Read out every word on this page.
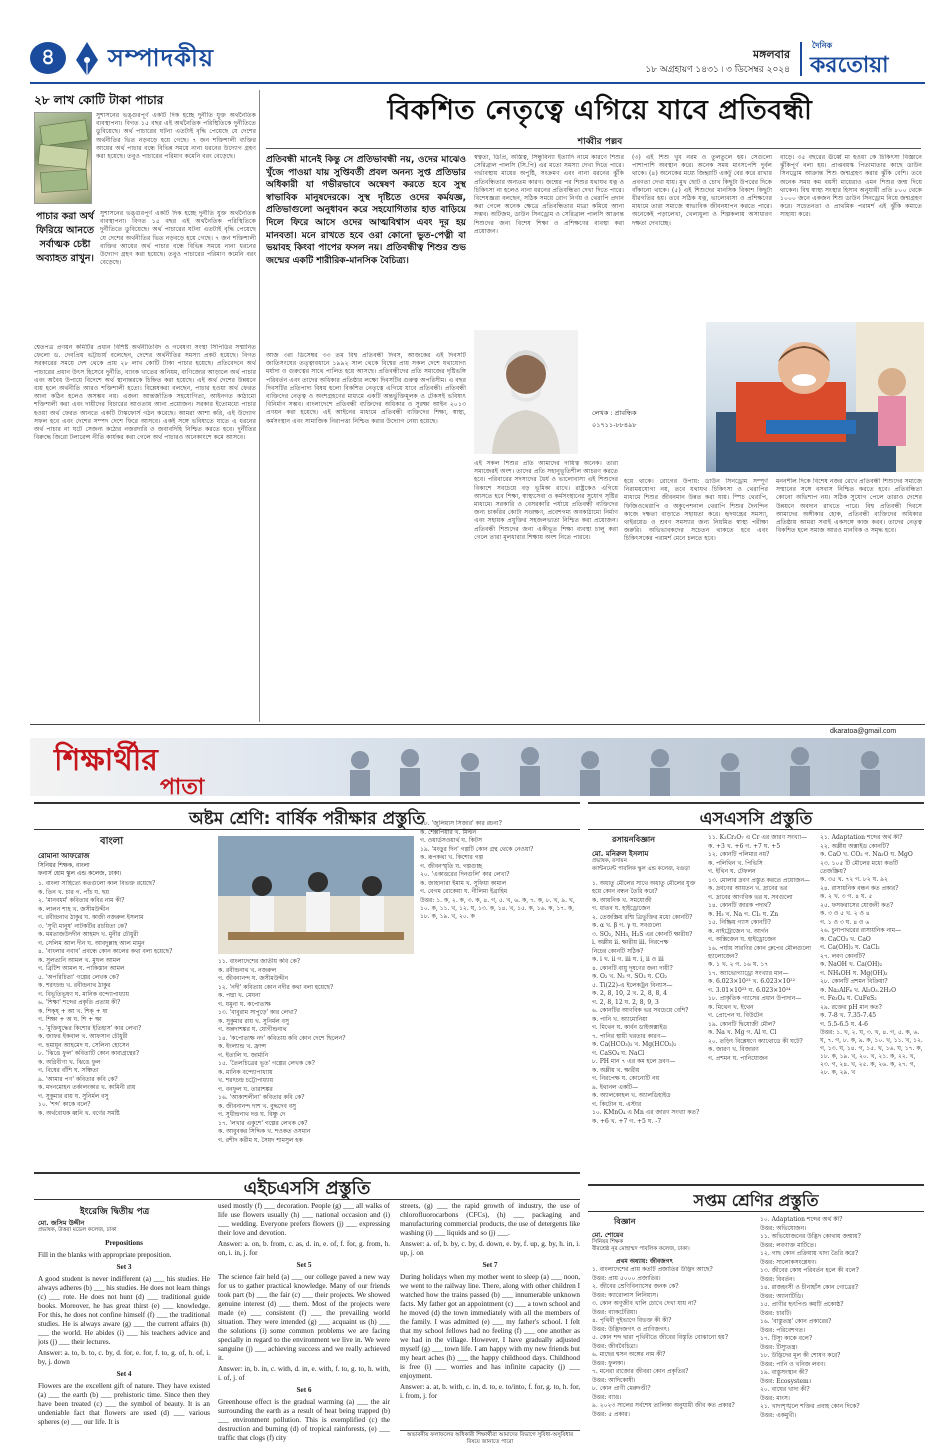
৪	সম্পাদকীয়	মঙ্গলবার
১৮ অগ্রহায়ণ ১৪৩১ ৷ ৩ ডিসেম্বর ২০২৪
দৈনিক
করতোয়া
২৮ লাখ কোটি টাকা পাচার
সুশাসনের ভঙ্গুরপূর্ণ একটি দিক হচ্ছে দুর্নীতি যুক্ত অর্থনৈতিক ব্যবস্থাপনা। বিগত ১৫ বছর এই অর্থনৈতিক পরিস্থিতিকে দুর্নীতিতে ডুবিয়েছে। অর্থ পাচারের ঘটনা এতটাই বৃদ্ধি পেয়েছে যে দেশের অর্থনীতির ভিত নড়বড়ে হয়ে গেছে। ৭ জন শক্তিশালী ব্যক্তির আয়ের অর্থ পাচার বন্ধে বিভিন্ন সময়ে নানা ধরনের উদ্যোগ গ্রহণ করা হয়েছে। তবুও পাচারের পরিমাণ কমেনি বরং বেড়েছে।
পাচার করা অর্থ ফিরিয়ে আনতে সর্বাত্মক চেষ্টা অব্যাহত রাখুন।
সুশাসনের ভঙ্গুরপূর্ণ একটি দিক হচ্ছে দুর্নীতি যুক্ত অর্থনৈতিক ব্যবস্থাপনা। বিগত ১৫ বছর এই অর্থনৈতিক পরিস্থিতিকে দুর্নীতিতে ডুবিয়েছে। অর্থ পাচারের ঘটনা এতটাই বৃদ্ধি পেয়েছে যে দেশের অর্থনীতির ভিত নড়বড়ে হয়ে গেছে। ৭ জন শক্তিশালী ব্যক্তির আয়ের অর্থ পাচার বন্ধে বিভিন্ন সময়ে নানা ধরনের উদ্যোগ গ্রহণ করা হয়েছে। তবুও পাচারের পরিমাণ কমেনি বরং বেড়েছে।
শ্বেতপত্র প্রণয়ন কমিটির প্রধান বিশিষ্ট অর্থনীতিবিদ ও গবেষণা সংস্থা সিপিডির সম্মানিত ফেলো ড. দেবপ্রিয় ভট্টাচার্য বলেছেন, দেশের অর্থনীতির সমস্যা প্রকট হয়েছে। বিগত সরকারের সময়ে দেশ থেকে প্রায় ২৮ লাখ কোটি টাকা পাচার হয়েছে। প্রতিবেদনে অর্থ পাচারের প্রধান উৎস হিসেবে দুর্নীতি, ব্যাংক খাতের অনিয়ম, বাণিজ্যের আড়ালে অর্থ পাচার এবং অবৈধ উপায়ে বিদেশে অর্থ স্থানান্তরকে চিহ্নিত করা হয়েছে। এই অর্থ দেশের উন্নয়নে ব্যয় হলে অর্থনীতি আরও শক্তিশালী হতো। বিশ্লেষকরা বলছেন, পাচার হওয়া অর্থ ফেরত আনা কঠিন হলেও অসম্ভব নয়। এজন্য আন্তর্জাতিক সহযোগিতা, আইনগত কাঠামো শক্তিশালী করা এবং দায়ীদের বিচারের আওতায় আনা প্রয়োজন। সরকার ইতোমধ্যে পাচার হওয়া অর্থ ফেরত আনতে একটি টাস্কফোর্স গঠন করেছে। আমরা আশা করি, এই উদ্যোগ সফল হবে এবং দেশের সম্পদ দেশে ফিরে আসবে। একই সঙ্গে ভবিষ্যতে যাতে এ ধরনের অর্থ পাচার না ঘটে সেজন্য কঠোর নজরদারি ও জবাবদিহি নিশ্চিত করতে হবে। দুর্নীতির বিরুদ্ধে জিরো টলারেন্স নীতি কার্যকর করা গেলে অর্থ পাচারও অনেকাংশে কমে আসবে।
বিকশিত নেতৃত্বে এগিয়ে যাবে প্রতিবন্ধী
শাব্বীর পল্লব
প্রতিবন্ধী মানেই কিন্তু সে প্রতিভাবন্ধী নয়, ওদের মাঝেও খুঁজে পাওয়া যায় সুপ্তিবর্তী প্রবল অনন্য সুপ্ত প্রতিভার অধিকারী যা গভীরভাবে অন্বেষণ করতে হবে সুস্থ স্বাভাবিক মানুষদেরকে। সুস্থ দৃষ্টিতে ওদের কর্মযজ্ঞ, প্রতিভাগুলো অনুধাবন করে সহযোগিতার হাত বাড়িয়ে দিলে ফিরে আসে ওদের আত্মবিশ্বাস এবং দূর হয় মানবতা। মনে রাখতে হবে ওরা কোনো ভুত-পেত্নী বা ভয়াবহ কিংবা পাপের ফসল নয়। প্রতিবন্ধীত্ব শিশুর শুভ জন্মের একটি শারীরিক-মানসিক বৈচিত্র্য।
আজ ৩রা ডিসেম্বর ৩৩ তম বিশ্ব প্রতিবন্ধী দিবস, আজকের এই দিবসটি জাতিসংঘের তত্ত্বাবধানে ১৯৯২ সাল থেকে বিশ্বের প্রায় সকল দেশে যথাযোগ্য মর্যাদা ও গুরুত্বের সাথে পালিত হয়ে আসছে। প্রতিবন্ধীদের প্রতি সমাজের দৃষ্টিভঙ্গি পরিবর্তন এবং তাদের অধিকার প্রতিষ্ঠার লক্ষ্যে দিবসটির গুরুত্ব অপরিসীম। এ বছর দিবসটির প্রতিপাদ্য বিষয় হলো বিকশিত নেতৃত্বে এগিয়ে যাবে প্রতিবন্ধী। প্রতিবন্ধী ব্যক্তিদের নেতৃত্ব ও অংশগ্রহণের মাধ্যমে একটি অন্তর্ভুক্তিমূলক ও টেকসই ভবিষ্যৎ বিনির্মাণ সম্ভব। বাংলাদেশে প্রতিবন্ধী ব্যক্তিদের অধিকার ও সুরক্ষা আইন ২০১৩ প্রণয়ন করা হয়েছে। এই আইনের মাধ্যমে প্রতিবন্ধী ব্যক্তিদের শিক্ষা, স্বাস্থ্য, কর্মসংস্থান এবং সামাজিক নিরাপত্তা নিশ্চিত করার উদ্যোগ নেয়া হয়েছে।
স্বত্বতা, ডিপ্রি, অস্তিত্ব, সিন্ধুবিন্যা ইত্যাদি নামে কারণে শিশুর সেরিব্রাল পালসি (সি.পি) এর মতো সমস্যা দেখা দিতে পারে। গর্ভাবস্থায় মায়ের অপুষ্টি, সংক্রমণ এবং নানা ধরনের ঝুঁকি প্রতিবন্ধিতার অন্যতম কারণ। জন্মের পর শিশুর যথাযথ যত্ন ও চিকিৎসা না হলেও নানা ধরনের প্রতিবন্ধিতা দেখা দিতে পারে। বিশেষজ্ঞরা বলছেন, সঠিক সময়ে রোগ নির্ণয় ও থেরাপি প্রদান করা গেলে অনেক ক্ষেত্রে প্রতিবন্ধিতার মাত্রা কমিয়ে আনা সম্ভব। অটিজম, ডাউন সিনড্রোম ও সেরিব্রাল পালসি আক্রান্ত শিশুদের জন্য বিশেষ শিক্ষা ও প্রশিক্ষণের ব্যবস্থা করা প্রয়োজন।
(৩) এই শিশু খুব নরম ও তুলতুলে হয়। সেগুলো পাশাপাশি অবস্থান করে। অনেক সময় মাংসপেশি দুর্বল থাকে। (৪) অনেকের মধ্যে জিহ্বাটি একটু বের করে রাখার প্রবণতা দেখা যায়। মুখ ছোট ও চোখ কিছুটা উপরের দিকে বাঁকানো থাকে। (৫) এই শিশুদের মানসিক বিকাশ কিছুটা ধীরগতির হয়। তবে সঠিক যত্ন, ভালোবাসা ও প্রশিক্ষণের মাধ্যমে তারা সমাজে স্বাভাবিক জীবনযাপন করতে পারে। অনেকেই পড়ালেখা, খেলাধুলা ও শিল্পকলায় অসাধারণ দক্ষতা দেখাচ্ছে।
বাড়ে। ৩৫ বছরের ঊর্ধ্বে মা হওয়া কে চিকিৎসা বিজ্ঞানে ঝুঁকিপূর্ণ বলা হয়। প্রাপ্তবয়স্ক পিতামাতার কাছে ডাউন সিনড্রোম আক্রান্ত শিশু জন্মগ্রহণ করার ঝুঁকি বেশি। তবে অনেক সময় কম বয়সী মায়েরাও এমন শিশুর জন্ম দিয়ে থাকেন। বিশ্ব স্বাস্থ্য সংস্থার হিসাব অনুযায়ী প্রতি ৮০০ থেকে ১০০০ জনে একজন শিশু ডাউন সিনড্রোম নিয়ে জন্মগ্রহণ করে। সচেতনতা ও প্রাথমিক পরামর্শ এই ঝুঁকি কমাতে সাহায্য করে।
লেখক : প্রাবন্ধিক
০১৭১১-৮৮৪৯৮
এই সকল শিশুর প্রতি আমাদের দায়িত্ব অনেক। তারা সমাজেরই অংশ। তাদের প্রতি সহানুভূতিশীল আচরণ করতে হবে। পরিবারের সদস্যদের ধৈর্য ও ভালোবাসা এই শিশুদের বিকাশে সবচেয়ে বড় ভূমিকা রাখে। রাষ্ট্রকেও এগিয়ে আসতে হবে শিক্ষা, স্বাস্থ্যসেবা ও কর্মসংস্থানের সুযোগ সৃষ্টির মাধ্যমে। সরকারি ও বেসরকারি পর্যায়ে প্রতিবন্ধী ব্যক্তিদের জন্য চাকরির কোটা সংরক্ষণ, প্রবেশগম্য অবকাঠামো নির্মাণ এবং সহায়ক প্রযুক্তির সহজলভ্যতা নিশ্চিত করা প্রয়োজন। প্রতিবন্ধী শিশুদের জন্য একীভূত শিক্ষা ব্যবস্থা চালু করা গেলে তারা মূলধারার শিক্ষায় অংশ নিতে পারবে।
হয়ে থাকে। রোগের উপায়: ডাউন সিনড্রোম সম্পূর্ণ নিরাময়যোগ্য নয়, তবে যথাযথ চিকিৎসা ও থেরাপির মাধ্যমে শিশুর জীবনমান উন্নত করা যায়। স্পিচ থেরাপি, ফিজিওথেরাপি ও অকুপেশনাল থেরাপি শিশুর দৈনন্দিন কাজে দক্ষতা বাড়াতে সহায়তা করে। হৃদযন্ত্রের সমস্যা, থাইরয়েড ও শ্রবণ সমস্যার জন্য নিয়মিত স্বাস্থ্য পরীক্ষা জরুরি। অভিভাবকদের সচেতন থাকতে হবে এবং চিকিৎসকের পরামর্শ মেনে চলতে হবে।
মননশীল দিকে বিশেষ নজর রেখে প্রতিবন্ধী শিশুদের সমাজে সম্মানের সঙ্গে বসবাস নিশ্চিত করতে হবে। প্রতিবন্ধিতা কোনো অভিশাপ নয়। সঠিক সুযোগ পেলে তারাও দেশের উন্নয়নে অবদান রাখতে পারে। বিশ্ব প্রতিবন্ধী দিবসে আমাদের অঙ্গীকার হোক, প্রতিবন্ধী ব্যক্তিদের অধিকার প্রতিষ্ঠায় আমরা সবাই একসঙ্গে কাজ করব। তাদের নেতৃত্ব বিকশিত হলে সমাজ আরও মানবিক ও সমৃদ্ধ হবে।
dkaratoa@gmail.com
শিক্ষার্থীর
পাতা
অষ্টম শ্রেণি: বার্ষিক পরীক্ষার প্রস্তুতি
বাংলা
রোমানা আফরোজ
সিনিয়র শিক্ষক, বাংলা
ফনার্স হোম স্কুল এন্ড কলেজ, ঢাকা।
১. বাংলা সাহিত্যে কতগুলো কাল বিভক্ত রয়েছে?
ক. তিন খ. চার গ. পাঁচ ঘ. ছয়
২. 'মানবধর্ম' কবিতার কবির নাম কী?
ক. লালন শাহ খ. জসীমউদ্দীন
গ. রবীন্দ্রনাথ ঠাকুর ঘ. কাজী নজরুল ইসলাম
৩. 'সুখী মানুষ' নাটকটির রচয়িতা কে?
ক. মমতাজউদদীন আহমদ খ. মুনীর চৌধুরী
গ. সেলিম আল দীন ঘ. আবদুল্লাহ আল মামুন
৪. 'বাংলার নবাব' প্রবন্ধে কোন কালের কথা বলা হয়েছে?
ক. সুলতানি আমল খ. মুঘল আমল
গ. ব্রিটিশ আমল ঘ. পাকিস্তান আমল
৫. 'অপরিচিতা' গল্পের লেখক কে?
ক. শরৎচন্দ্র খ. রবীন্দ্রনাথ ঠাকুর
গ. বিভূতিভূষণ ঘ. মানিক বন্দ্যোপাধ্যায়
৬. 'শিক্ষা' শব্দের প্রকৃতি প্রত্যয় কী?
ক. শিক্ষ্ + আ খ. শিক্ + ষা
গ. শিক্ষা + অ ঘ. শি + ক্ষা
৭. 'মুক্তিযুদ্ধের কিশোর ইতিহাস' কার লেখা?
ক. জাফর ইকবাল খ. আফসান চৌধুরী
গ. হুমায়ূন আহমেদ ঘ. সেলিনা হোসেন
৮. 'ঝিঙে ফুল' কবিতাটি কোন কাব্যগ্রন্থের?
ক. অগ্নিবীণা খ. ঝিঙে ফুল
গ. বিষের বাঁশি ঘ. সঞ্চিতা
৯. 'আমার পণ' কবিতার কবি কে?
ক. মদনমোহন তর্কালংকার খ. কামিনী রায়
গ. সুকুমার রায় ঘ. সুনির্মল বসু
১০. 'শব্দ' কাকে বলে?
ক. অর্থবোধক ধ্বনি খ. বর্ণের সমষ্টি
১১. বাংলাদেশের জাতীয় কবি কে?
ক. রবীন্দ্রনাথ খ. নজরুল
গ. জীবনানন্দ ঘ. জসীমউদ্দীন
১২. 'নদী' কবিতায় কোন নদীর কথা বলা হয়েছে?
ক. পদ্মা খ. মেঘনা
গ. যমুনা ঘ. কপোতাক্ষ
১৩. 'বাবুরাম সাপুড়ে' কার লেখা?
ক. সুকুমার রায় খ. সুনির্মল বসু
গ. অন্নদাশঙ্কর ঘ. যোগীন্দ্রনাথ
১৪. 'কপোতাক্ষ নদ' কবিতায় কবি কোন দেশে ছিলেন?
ক. ইংল্যান্ড খ. ফ্রান্স
গ. ইতালি ঘ. জার্মানি
১৫. 'তৈলচিত্রের ভূত' গল্পের লেখক কে?
ক. মানিক বন্দ্যোপাধ্যায়
খ. শরৎচন্দ্র চট্টোপাধ্যায়
গ. বনফুল ঘ. তারাশঙ্কর
১৬. 'আকাশলীনা' কবিতার কবি কে?
ক. জীবনানন্দ দাশ খ. বুদ্ধদেব বসু
গ. সুধীন্দ্রনাথ দত্ত ঘ. বিষ্ণু দে
১৭. 'লখার একুশে' গল্পের লেখক কে?
ক. আবুবকর সিদ্দিক খ. শওকত ওসমান
গ. রশীদ করীম ঘ. সৈয়দ শামসুল হক
১৮. 'জুলিয়াস সিজার' কার রচনা?
ক. শেক্সপিয়ার খ. মিল্টন
গ. ওয়ার্ডসওয়ার্থ ঘ. কিটস
১৯. 'মংড়ুর দিন' গল্পটি কোন গ্রন্থ থেকে নেওয়া?
ক. রূপকথা খ. কিশোর গল্প
গ. জীবনস্মৃতি ঘ. গল্পগুচ্ছ
২০. 'একাত্তরের দিনগুলি' কার লেখা?
ক. জাহানারা ইমাম খ. সুফিয়া কামাল
গ. বেগম রোকেয়া ঘ. নীলিমা ইব্রাহিম
উত্তর: ১. ক, ২. ক, ৩. ক, ৪. গ, ৫. খ, ৬. ক, ৭. ক, ৮. খ, ৯. খ, ১০. ক, ১১. খ, ১২. ঘ, ১৩. ক, ১৪. খ, ১৫. ক, ১৬. ক, ১৭. ক, ১৮. ক, ১৯. খ, ২০. ক
এসএসসি প্রস্তুতি
রসায়নবিজ্ঞান
মো. মনিরুল ইসলাম
প্রভাষক, রসায়ন
ক্যান্টনমেন্ট পাবলিক স্কুল এন্ড কলেজ, বগুড়া
১. অধাতু মৌলের সাথে অধাতু মৌলের যুক্ত হয়ে কোন বন্ধন তৈরি করে?
ক. আয়নিক খ. সমযোজী
গ. ধাতব ঘ. হাইড্রোজেন
২. তেজস্ক্রিয় রশ্মি ত্রিভুক্তির মধ্যে কোনটি?
ক. α খ. β গ. γ ঘ. সবগুলো
৩. SO₂, NH₃, H₂S এর কোনটি ক্ষারীয়?
i. অম্লীয় ii. ক্ষারীয় iii. নিরপেক্ষ
নিচের কোনটি সঠিক?
ক. i খ. ii গ. iii ঘ. i, ii ও iii
৪. কোনটি বায়ু দূষণের জন্য দায়ী?
ক. O₂ খ. N₂ গ. SO₂ ঘ. CO₂
৫. Ti(22)-এ ইলেকট্রন বিন্যাস—
ক. 2, 8, 10, 2 খ. 2, 8, 8, 4
গ. 2, 8, 12 ঘ. 2, 8, 9, 3
৬. কোনটির আণবিক ভর সবচেয়ে বেশি?
ক. পানি খ. অ্যামোনিয়া
গ. মিথেন ঘ. কার্বন ডাইঅক্সাইড
৭. পানির স্থায়ী খরতার কারণ—
ক. Ca(HCO₃)₂ খ. Mg(HCO₃)₂
গ. CaSO₄ ঘ. NaCl
৮. PH মান ৭ এর কম হলে দ্রবণ—
ক. অম্লীয় খ. ক্ষারীয়
গ. নিরপেক্ষ ঘ. কোনোটি নয়
৯. ইথানল একটি—
ক. অ্যালকোহল খ. অ্যালডিহাইড
গ. কিটোন ঘ. এস্টার
১০. KMnO₄ এ Mn এর জারণ সংখ্যা কত?
ক. +6 খ. +7 গ. +5 ঘ. -7
১১. K₂Cr₂O₇ এ Cr এর জারণ সংখ্যা—
ক. +3 খ. +6 গ. +7 ঘ. +5
১২. কোনটি পলিমার নয়?
ক. পলিথিন খ. পিভিসি
গ. ইথিন ঘ. টেফলন
১৩. মোলার দ্রবণ প্রস্তুত করতে প্রয়োজন—
ক. দ্রবণের আয়তন খ. দ্রাবের ভর
গ. দ্রাবের আণবিক ভর ঘ. সবগুলো
১৪. কোনটি জারক পদার্থ?
ক. H₂ খ. Na গ. Cl₂ ঘ. Zn
১৫. নিষ্ক্রিয় গ্যাস কোনটি?
ক. নাইট্রোজেন খ. আর্গন
গ. অক্সিজেন ঘ. হাইড্রোজেন
১৬. পর্যায় সারণির কোন গ্রুপের মৌলগুলো হ্যালোজেন?
ক. ১ খ. ২ গ. ১৬ ঘ. ১৭
১৭. অ্যাভোগ্যাড্রো সংখ্যার মান—
ক. 6.023×10²³ খ. 6.023×10²²
গ. 3.01×10²³ ঘ. 6.023×10²⁴
১৮. প্রাকৃতিক গ্যাসের প্রধান উপাদান—
ক. মিথেন খ. ইথেন
গ. প্রোপেন ঘ. বিউটেন
১৯. কোনটি দ্বিযোজী মৌল?
ক. Na খ. Mg গ. Al ঘ. Cl
২০. তড়িৎ বিশ্লেষণে ক্যাথোডে কী ঘটে?
ক. জারণ খ. বিজারণ
গ. প্রশমন ঘ. পানিযোজন
২১. Adaptation শব্দের অর্থ কী?
২২. অম্লীয় অক্সাইড কোনটি?
ক. CaO খ. CO₂ গ. Na₂O ঘ. MgO
২৩. ১০৫ টি মৌলের মধ্যে কতটি তেজস্ক্রিয়?
ক. ৩৫ খ. ৭২ গ. ৮২ ঘ. ৯২
২৪. রাসায়নিক বন্ধন কত প্রকার?
ক. ২ খ. ৩ গ. ৪ ঘ. ৫
২৫. ফসফরাসের যোজনী কত?
ক. ৩ ও ৫ খ. ২ ও ৪
গ. ১ ও ৩ ঘ. ৪ ও ৬
২৬. চুনাপাথরের রাসায়নিক নাম—
ক. CaCO₃ খ. CaO
গ. Ca(OH)₂ ঘ. CaCl₂
২৭. লবণ কোনটি?
ক. NaOH খ. Ca(OH)₂
গ. NH₄OH ঘ. Mg(OH)₂
২৮. কোনটি প্রশমন বিক্রিয়া?
ক. Na₂AlF₆ খ. Al₂O₃.2H₂O
গ. Fe₃O₄ ঘ. CuFeS₂
২৯. রক্তের pH মান কত?
ক. 7-8 খ. 7.35-7.45
গ. 5.5-6.5 ঘ. 4-6
উত্তর: ১. খ, ২. ঘ, ৩. খ, ৪. গ, ৫. ক, ৬. ঘ, ৭. গ, ৮. ক, ৯. ক, ১০. খ, ১১. খ, ১২. গ, ১৩. ঘ, ১৪. গ, ১৫. খ, ১৬. ঘ, ১৭. ক, ১৮. ক, ১৯. খ, ২০. খ, ২১. ক, ২২. খ, ২৩. গ, ২৪. খ, ২৫. ক, ২৬. ক, ২৭. গ, ২৮. ক, ২৯. খ
এইচএসসি প্রস্তুতি
ইংরেজি দ্বিতীয় পত্র
মো. জসিম উদ্দীন
প্রভাষক, উত্তরা মডেল কলেজ, ঢাকা
Prepositions

Fill in the blanks with appropriate preposition.

Set 3

A good student is never indifferent (a) ___ his studies. He always adheres (b) ___ his studies. He does not learn things (c) ___ rote. He does not hunt (d) ___ traditional guide books. Moreover, he has great thirst (e) ___ knowledge. For this, he does not confine himself (f) ___ the traditional studies. He is always aware (g) ___ the current affairs (h) ___ the world. He abides (i) ___ his teachers advice and jots (j) ___ their lectures.

Answer: a. to, b. to, c. by, d. for, e. for, f. to, g. of, h. of, i. by, j. down

Set 4

Flowers are the excellent gift of nature. They have existed (a) ___ the earth (b) ___ prehistoric time. Since then they have been treated (c) ___ the symbol of beauty. It is an undeniable fact that flowers are used (d) ___ various spheres (e) ___ our life. It is

used mostly (f) ___ decoration. People (g) ___ all walks of life use flowers usually (h) ___ national occasion and (i) ___ wedding. Everyone prefers flowers (j) ___ expressing their love and devotion.

Answer: a. on, b. from, c. as, d. in, e. of, f. for, g. from, h. on, i. in, j. for

Set 5

The science fair held (a) ___ our college paved a new way for us to gather practical knowledge. Many of our friends took part (b) ___ the fair (c) ___ their projects. We showed genuine interest (d) ___ them. Most of the projects were made (e) ___ consistent (f) ___ the prevailing world situation. They were intended (g) ___ acquaint us (h) ___ the solutions (i) some common problems we are facing specially in regard to the environment we live in. We were sanguine (j) ___ achieving success and we really achieved it.

Answer: in, b. in, c. with, d. in, e. with, f. to, g. to, h. with, i. of, j. of

Set 6

Greenhouse effect is the gradual warming (a) ___ the air surrounding the earth as a result of heat being trapped (b) ___ environment pollution. This is exemplified (c) the destruction and burning (d) of tropical rainforests, (e) ___ traffic that clogs (f) city

streets, (g) ___ the rapid growth of industry, the use of chlorofluorocarbons (CFCs), (h) ___ packaging and manufacturing commercial products, the use of detergents like washing (i) ___ liquids and so (j) ___.

Answer: a. of, b. by, c. by, d. down, e. by, f. up, g. by, h. in, i. up, j. on

Set 7

During holidays when my mother went to sleep (a) ___ noon, we went to the railway line. There, along with other children I watched how the trains passed (b) ___ innumerable unknown facts. My father got an appointment (c) ___ a town school and he moved (d) the town immediately with all the members of the family. I was admitted (e) ___ my father's school. I felt that my school fellows had no feeling (f) ___ one another as we had in the village. However, I have gradually adjusted myself (g) ___ town life. I am happy with my new friends but my heart aches (h) ___ the happy childhood days. Childhood is free (i) ___ worries and has infinite capacity (j) ___ enjoyment.

Answer: a. at, b. with, c. in, d. to, e. to/into, f. for, g. to, h. for, i. from, j. for

অভাবনীয় ফলাফলের অধিকারী শিক্ষার্থীরা আমাদের বিভাগে সুবিধা-অসুবিধার বিষয়ে জানাতে পারো
সপ্তম শ্রেণির প্রস্তুতি
বিজ্ঞান
মো. শোয়েব
সিনিয়র শিক্ষক
বীরশ্রেষ্ঠ নূর মোহাম্মদ পাবলিক কলেজ, ঢাকা।
প্রথম অধ্যায়: জীবজগৎ
১. বাংলাদেশের প্রায় কতটি প্রজাতির উদ্ভিদ আছে?
উত্তর: প্রায় ৫০০০ প্রজাতির।
২. জীবের শ্রেণিবিন্যাসের জনক কে?
উত্তর: ক্যারোলাস লিনিয়াস।
৩. কোন অণুজীব খালি চোখে দেখা যায় না?
উত্তর: ব্যাকটেরিয়া।
৪. পৃথিবী দুইভাগে বিভক্ত কী কী?
উত্তর: উদ্ভিদজগৎ ও প্রাণিজগৎ।
৫. কোন শব্দ দ্বারা পৃথিবীতে জীবের বিস্তৃতি বোঝানো হয়?
উত্তর: জীববৈচিত্র্য।
৬. মাছের শ্বসন অঙ্গের নাম কী?
উত্তর: ফুলকা।
৭. মনেরা রাজ্যের জীবরা কোন প্রকৃতির?
উত্তর: আদিকোষী।
৮. কোন প্রাণী মেরুদণ্ডী?
উত্তর: ব্যাঙ।
৯. ২০২৩ সালের সর্বশেষ তালিকা অনুযায়ী জীব কত প্রকার?
উত্তর: ৫ প্রকার।
১০. Adaptation শব্দের অর্থ কী?
উত্তর: অভিযোজন।
১১. অভিযোজনের উদ্ভিদ কোথায় জন্মায়?
উত্তর: লবণাক্ত মাটিতে।
১২. গাছ কোন প্রক্রিয়ায় খাদ্য তৈরি করে?
উত্তর: সালোকসংশ্লেষণ।
১৩. জীবের কোষ পরিবর্তন হলে কী বলে?
উত্তর: বিবর্তন।
১৪. রাজহংসী ও চীনাহাঁস কোন গোত্রের?
উত্তর: অ্যানাটিডি।
১৫. প্রাণীর হৃৎপিণ্ড কয়টি প্রকোষ্ঠ?
উত্তর: চারটি।
১৬. 'বাস্তুতন্ত্র' কোন প্রকারের?
উত্তর: পরিবেশগত।
১৭. টিস্যু কাকে বলে?
উত্তর: টিস্যুতন্ত্র।
১৮. উদ্ভিদের মূল কী শোষণ করে?
উত্তর: পানি ও খনিজ লবণ।
১৯. বাস্তুসংস্থান কী?
উত্তর: Ecosystem।
২০. বাঘের খাদ্য কী?
উত্তর: মাংস।
২১. খাদ্যশৃঙ্খলে শক্তির প্রবাহ কোন দিকে?
উত্তর: একমুখী।
